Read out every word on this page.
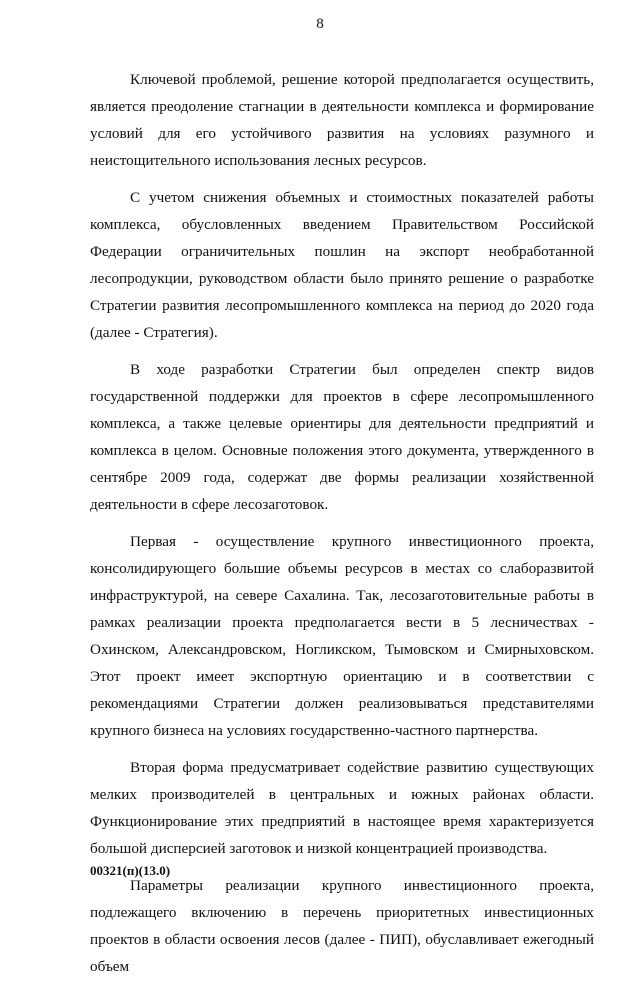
8

Ключевой проблемой, решение которой предполагается осуществить, является преодоление стагнации в деятельности комплекса и формирование условий для его устойчивого развития на условиях разумного и неистощительного использования лесных ресурсов.

С учетом снижения объемных и стоимостных показателей работы комплекса, обусловленных введением Правительством Российской Федерации ограничительных пошлин на экспорт необработанной лесопродукции, руководством области было принято решение о разработке Стратегии развития лесопромышленного комплекса на период до 2020 года (далее - Стратегия).

В ходе разработки Стратегии был определен спектр видов государственной поддержки для проектов в сфере лесопромышленного комплекса, а также целевые ориентиры для деятельности предприятий и комплекса в целом. Основные положения этого документа, утвержденного в сентябре 2009 года, содержат две формы реализации хозяйственной деятельности в сфере лесозаготовок.

Первая - осуществление крупного инвестиционного проекта, консолидирующего большие объемы ресурсов в местах со слаборазвитой инфраструктурой, на севере Сахалина. Так, лесозаготовительные работы в рамках реализации проекта предполагается вести в 5 лесничествах - Охинском, Александровском, Ногликском, Тымовском и Смирныховском. Этот проект имеет экспортную ориентацию и в соответствии с рекомендациями Стратегии должен реализовываться представителями крупного бизнеса на условиях государственно-частного партнерства.

Вторая форма предусматривает содействие развитию существующих мелких производителей в центральных и южных районах области. Функционирование этих предприятий в настоящее время характеризуется большой дисперсией заготовок и низкой концентрацией производства.

Параметры реализации крупного инвестиционного проекта, подлежащего включению в перечень приоритетных инвестиционных проектов в области освоения лесов (далее - ПИП), обуславливает ежегодный объем

00321(п)(13.0)
